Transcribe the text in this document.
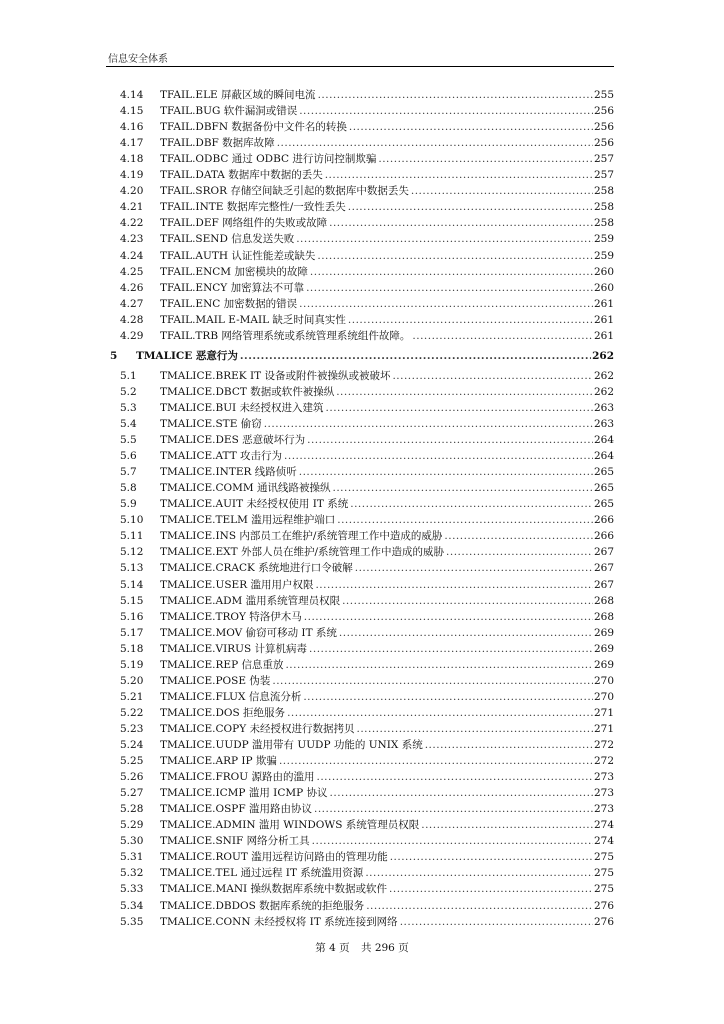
信息安全体系
4.14 TFAIL.ELE 屏蔽区域的瞬间电流 .....	255
4.15 TFAIL.BUG 软件漏洞或错误 .....	256
4.16 TFAIL.DBFN 数据备份中文件名的转换 .....	256
4.17 TFAIL.DBF 数据库故障 .....	256
4.18 TFAIL.ODBC 通过 ODBC 进行访问控制欺骗 .....	257
4.19 TFAIL.DATA 数据库中数据的丢失 .....	257
4.20 TFAIL.SROR 存储空间缺乏引起的数据库中数据丢失 .....	258
4.21 TFAIL.INTE 数据库完整性/一致性丢失 .....	258
4.22 TFAIL.DEF 网络组件的失败或故障 .....	258
4.23 TFAIL.SEND 信息发送失败 .....	259
4.24 TFAIL.AUTH 认证性能差或缺失 .....	259
4.25 TFAIL.ENCM 加密模块的故障 .....	260
4.26 TFAIL.ENCY 加密算法不可靠 .....	260
4.27 TFAIL.ENC 加密数据的错误 .....	261
4.28 TFAIL.MAIL E-MAIL 缺乏时间真实性 .....	261
4.29 TFAIL.TRB 网络管理系统或系统管理系统组件故障。 .....	261
5 TMALICE 恶意行为 .....	262
5.1 TMALICE.BREK IT 设备或附件被操纵或被破坏 .....	262
5.2 TMALICE.DBCT 数据或软件被操纵 .....	262
5.3 TMALICE.BUI 未经授权进入建筑 .....	263
5.4 TMALICE.STE 偷窃 .....	263
5.5 TMALICE.DES 恶意破坏行为 .....	264
5.6 TMALICE.ATT 攻击行为 .....	264
5.7 TMALICE.INTER 线路侦听 .....	265
5.8 TMALICE.COMM 通讯线路被操纵 .....	265
5.9 TMALICE.AUIT 未经授权使用 IT 系统 .....	265
5.10 TMALICE.TELM 滥用远程维护端口 .....	266
5.11 TMALICE.INS 内部员工在维护/系统管理工作中造成的威胁 .....	266
5.12 TMALICE.EXT 外部人员在维护/系统管理工作中造成的威胁 .....	267
5.13 TMALICE.CRACK 系统地进行口令破解 .....	267
5.14 TMALICE.USER 滥用用户权限 .....	267
5.15 TMALICE.ADM 滥用系统管理员权限 .....	268
5.16 TMALICE.TROY 特洛伊木马 .....	268
5.17 TMALICE.MOV 偷窃可移动 IT 系统 .....	269
5.18 TMALICE.VIRUS 计算机病毒 .....	269
5.19 TMALICE.REP 信息重放 .....	269
5.20 TMALICE.POSE 伪装 .....	270
5.21 TMALICE.FLUX 信息流分析 .....	270
5.22 TMALICE.DOS 拒绝服务 .....	271
5.23 TMALICE.COPY 未经授权进行数据拷贝 .....	271
5.24 TMALICE.UUDP 滥用带有 UUDP 功能的 UNIX 系统 .....	272
5.25 TMALICE.ARP IP 欺骗 .....	272
5.26 TMALICE.FROU 源路由的滥用 .....	273
5.27 TMALICE.ICMP 滥用 ICMP 协议 .....	273
5.28 TMALICE.OSPF 滥用路由协议 .....	273
5.29 TMALICE.ADMIN 滥用 WINDOWS 系统管理员权限 .....	274
5.30 TMALICE.SNIF 网络分析工具 .....	274
5.31 TMALICE.ROUT 滥用远程访问路由的管理功能 .....	275
5.32 TMALICE.TEL 通过远程 IT 系统滥用资源 .....	275
5.33 TMALICE.MANI 操纵数据库系统中数据或软件 .....	275
5.34 TMALICE.DBDOS 数据库系统的拒绝服务 .....	276
5.35 TMALICE.CONN 未经授权将 IT 系统连接到网络 .....	276
第 4 页 共 296 页
